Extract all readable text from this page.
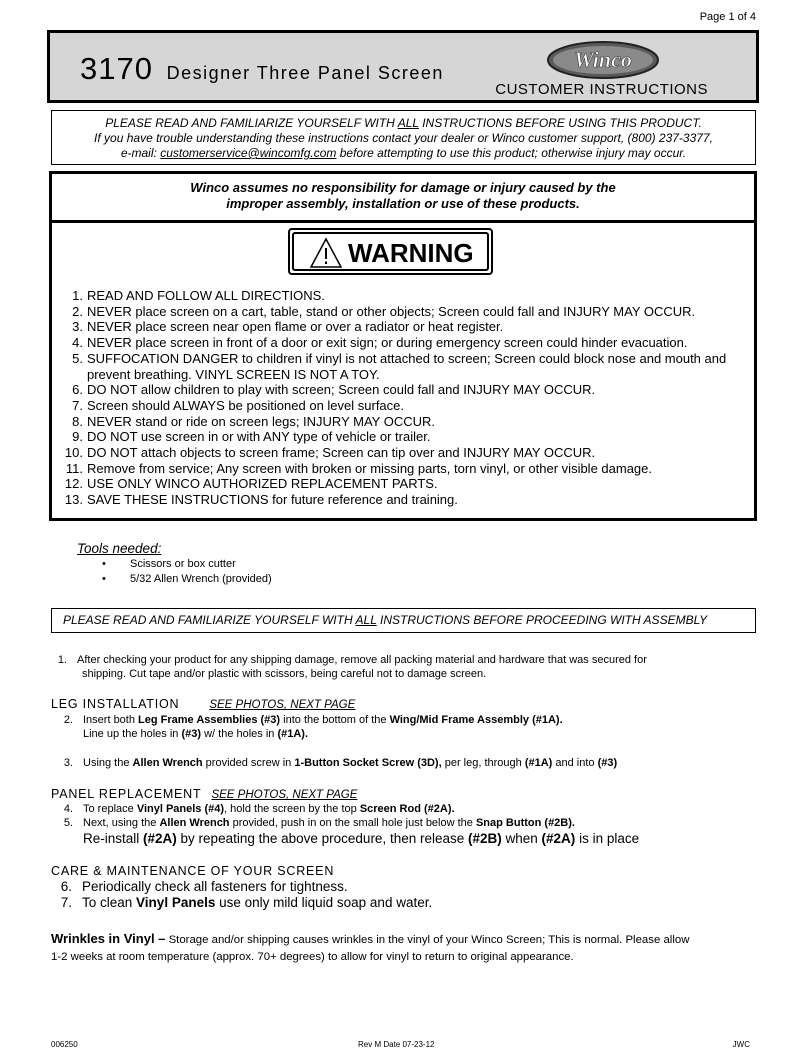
Page 1 of 4
3170 Designer Three Panel Screen
Winco
CUSTOMER INSTRUCTIONS
PLEASE READ AND FAMILIARIZE YOURSELF WITH ALL INSTRUCTIONS BEFORE USING THIS PRODUCT.
If you have trouble understanding these instructions contact your dealer or Winco customer support, (800) 237-3377,
e-mail: customerservice@wincomfg.com before attempting to use this product; otherwise injury may occur.
Winco assumes no responsibility for damage or injury caused by the
improper assembly, installation or use of these products.
WARNING
1. READ AND FOLLOW ALL DIRECTIONS.
2. NEVER place screen on a cart, table, stand or other objects; Screen could fall and INJURY MAY OCCUR.
3. NEVER place screen near open flame or over a radiator or heat register.
4. NEVER place screen in front of a door or exit sign; or during emergency screen could hinder evacuation.
5. SUFFOCATION DANGER to children if vinyl is not attached to screen; Screen could block nose and mouth and prevent breathing. VINYL SCREEN IS NOT A TOY.
6. DO NOT allow children to play with screen; Screen could fall and INJURY MAY OCCUR.
7. Screen should ALWAYS be positioned on level surface.
8. NEVER stand or ride on screen legs; INJURY MAY OCCUR.
9. DO NOT use screen in or with ANY type of vehicle or trailer.
10. DO NOT attach objects to screen frame; Screen can tip over and INJURY MAY OCCUR.
11. Remove from service; Any screen with broken or missing parts, torn vinyl, or other visible damage.
12. USE ONLY WINCO AUTHORIZED REPLACEMENT PARTS.
13. SAVE THESE INSTRUCTIONS for future reference and training.
Tools needed:
• Scissors or box cutter
• 5/32 Allen Wrench (provided)
PLEASE READ AND FAMILIARIZE YOURSELF WITH ALL INSTRUCTIONS BEFORE PROCEEDING WITH ASSEMBLY
1. After checking your product for any shipping damage, remove all packing material and hardware that was secured for
shipping. Cut tape and/or plastic with scissors, being careful not to damage screen.
LEG INSTALLATION	SEE PHOTOS, NEXT PAGE
2. Insert both Leg Frame Assemblies (#3) into the bottom of the Wing/Mid Frame Assembly (#1A).
Line up the holes in (#3) w/ the holes in (#1A).
3. Using the Allen Wrench provided screw in 1-Button Socket Screw (3D), per leg, through (#1A) and into (#3)
PANEL REPLACEMENT SEE PHOTOS, NEXT PAGE
4. To replace Vinyl Panels (#4), hold the screen by the top Screen Rod (#2A).
5. Next, using the Allen Wrench provided, push in on the small hole just below the Snap Button (#2B).
Re-install (#2A) by repeating the above procedure, then release (#2B) when (#2A) is in place
CARE & MAINTENANCE OF YOUR SCREEN
6. Periodically check all fasteners for tightness.
7. To clean Vinyl Panels use only mild liquid soap and water.
Wrinkles in Vinyl – Storage and/or shipping causes wrinkles in the vinyl of your Winco Screen; This is normal. Please allow
1-2 weeks at room temperature (approx. 70+ degrees) to allow for vinyl to return to original appearance.
006250	Rev M Date 07-23-12	JWC
